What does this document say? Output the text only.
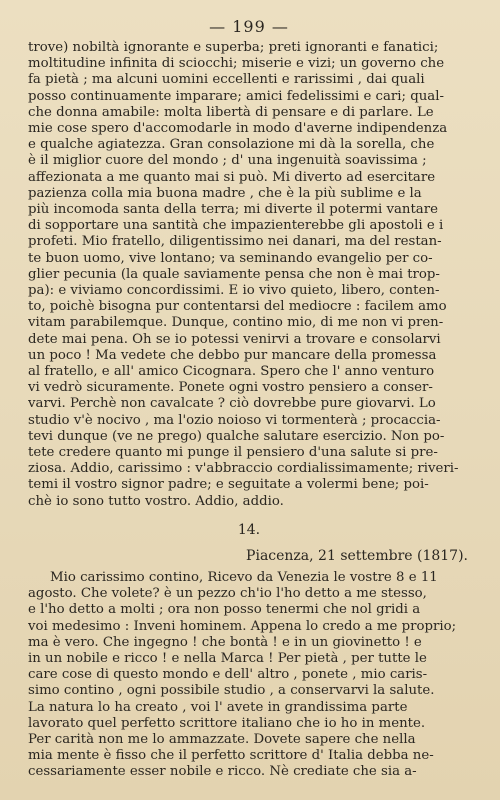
— 199 —
trove) nobiltà ignorante e superba; preti ignoranti e fanatici;
moltitudine infinita di sciocchi; miserie e vizi; un governo che
fa pietà ; ma alcuni uomini eccellenti e rarissimi , dai quali
posso continuamente imparare; amici fedelissimi e cari; qual-
che donna amabile: molta libertà di pensare e di parlare. Le
mie cose spero d'accomodarle in modo d'averne indipendenza
e qualche agiatezza. Gran consolazione mi dà la sorella, che
è il miglior cuore del mondo ; d' una ingenuità soavissima ;
affezionata a me quanto mai si può. Mi diverto ad esercitare
pazienza colla mia buona madre , che è la più sublime e la
più incomoda santa della terra; mi diverte il potermi vantare
di sopportare una santità che impazienterebbe gli apostoli e i
profeti. Mio fratello, diligentissimo nei danari, ma del restan-
te buon uomo, vive lontano; va seminando evangelio per co-
glier pecunia (la quale saviamente pensa che non è mai trop-
pa): e viviamo concordissimi. E io vivo quieto, libero, conten-
to, poichè bisogna pur contentarsi del mediocre : facilem amo
vitam parabilemque. Dunque, contino mio, di me non vi pren-
dete mai pena. Oh se io potessi venirvi a trovare e consolarvi
un poco ! Ma vedete che debbo pur mancare della promessa
al fratello, e all' amico Cicognara. Spero che l' anno venturo
vi vedrò sicuramente. Ponete ogni vostro pensiero a conser-
varvi. Perchè non cavalcate ? ciò dovrebbe pure giovarvi. Lo
studio v'è nocivo , ma l'ozio noioso vi tormenterà ; procaccia-
tevi dunque (ve ne prego) qualche salutare esercizio. Non po-
tete credere quanto mi punge il pensiero d'una salute si pre-
ziosa. Addio, carissimo : v'abbraccio cordialissimamente; riveri-
temi il vostro signor padre; e seguitate a volermi bene; poi-
chè io sono tutto vostro. Addio, addio.
14.
Piacenza, 21 settembre (1817).
Mio carissimo contino, Ricevo da Venezia le vostre 8 e 11
agosto. Che volete? è un pezzo ch'io l'ho detto a me stesso,
e l'ho detto a molti ; ora non posso tenermi che nol gridi a
voi medesimo : Inveni hominem. Appena lo credo a me proprio;
ma è vero. Che ingegno ! che bontà ! e in un giovinetto ! e
in un nobile e ricco ! e nella Marca ! Per pietà , per tutte le
care cose di questo mondo e dell' altro , ponete , mio caris-
simo contino , ogni possibile studio , a conservarvi la salute.
La natura lo ha creato , voi l' avete in grandissima parte
lavorato quel perfetto scrittore italiano che io ho in mente.
Per carità non me lo ammazzate. Dovete sapere che nella
mia mente è fisso che il perfetto scrittore d' Italia debba ne-
cessariamente esser nobile e ricco. Nè crediate che sia a-
